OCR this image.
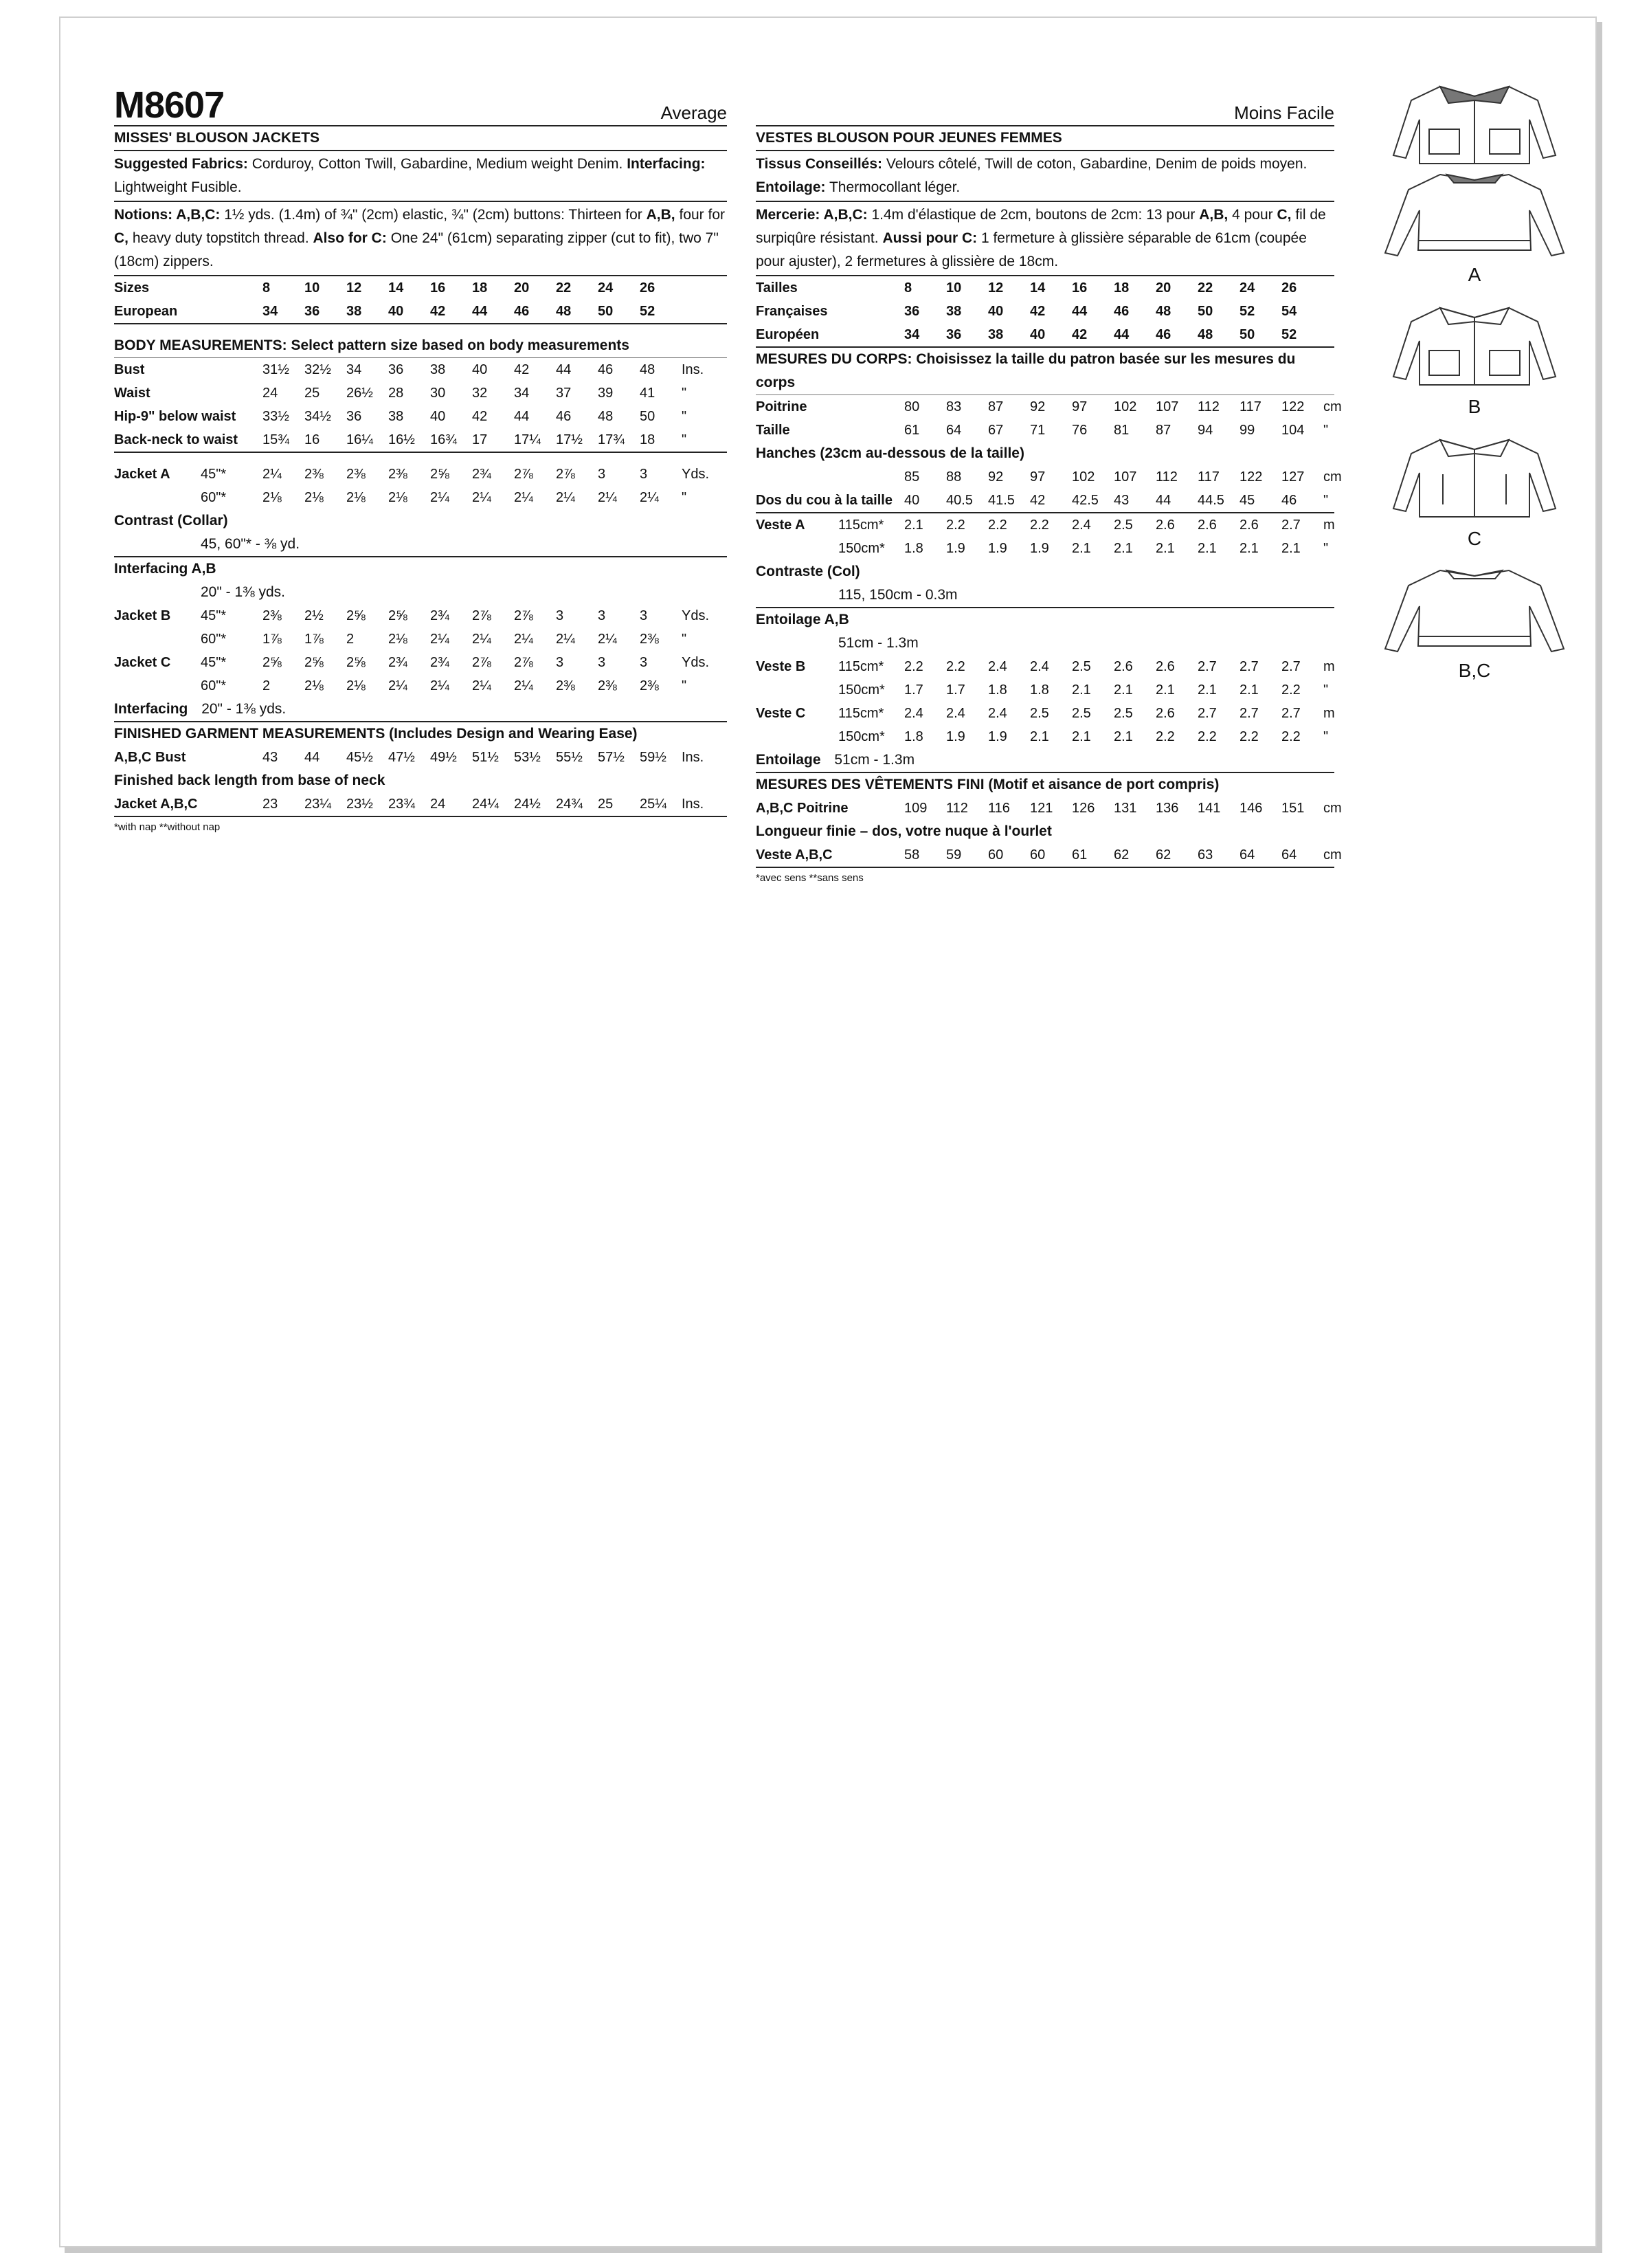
M8607	Average
MISSES' BLOUSON JACKETS
Suggested Fabrics: Corduroy, Cotton Twill, Gabardine, Medium weight Denim. Interfacing: Lightweight Fusible.
Notions: A,B,C: 1½ yds. (1.4m) of ¾" (2cm) elastic, ¾" (2cm) buttons: Thirteen for A,B, four for C, heavy duty topstitch thread. Also for C: One 24" (61cm) separating zipper (cut to fit), two 7" (18cm) zippers.
Sizes	8	10	12	14	16	18	20	22	24	26	
European	34	36	38	40	42	44	46	48	50	52	
BODY MEASUREMENTS: Select pattern size based on body measurements
Bust	31½	32½	34	36	38	40	42	44	46	48	Ins.
Waist	24	25	26½	28	30	32	34	37	39	41	"
Hip-9" below waist	33½	34½	36	38	40	42	44	46	48	50	"
Back-neck to waist	15¾	16	16¼	16½	16¾	17	17¼	17½	17¾	18	"
Jacket A	45"*	2¼	2⅜	2⅜	2⅜	2⅝	2¾	2⅞	2⅞	3	3	Yds.
	60"*	2⅛	2⅛	2⅛	2⅛	2¼	2¼	2¼	2¼	2¼	2¼	"
Contrast (Collar)
45, 60"* - ⅜ yd.
Interfacing A,B
20" - 1⅜ yds.
Jacket B	45"*	2⅜	2½	2⅝	2⅝	2¾	2⅞	2⅞	3	3	3	Yds.
	60"*	1⅞	1⅞	2	2⅛	2¼	2¼	2¼	2¼	2¼	2⅜	"
Jacket C	45"*	2⅝	2⅝	2⅝	2¾	2¾	2⅞	2⅞	3	3	3	Yds.
	60"*	2	2⅛	2⅛	2¼	2¼	2¼	2¼	2⅜	2⅜	2⅜	"
Interfacing 20" - 1⅜ yds.
FINISHED GARMENT MEASUREMENTS (Includes Design and Wearing Ease)
A,B,C Bust	43	44	45½	47½	49½	51½	53½	55½	57½	59½	Ins.
Finished back length from base of neck
Jacket A,B,C	23	23¼	23½	23¾	24	24¼	24½	24¾	25	25¼	Ins.
*with nap **without nap
Moins Facile
VESTES BLOUSON POUR JEUNES FEMMES
Tissus Conseillés: Velours côtelé, Twill de coton, Gabardine, Denim de poids moyen. Entoilage: Thermocollant léger.
Mercerie: A,B,C: 1.4m d'élastique de 2cm, boutons de 2cm: 13 pour A,B, 4 pour C, fil de surpiqûre résistant. Aussi pour C: 1 fermeture à glissière séparable de 61cm (coupée pour ajuster), 2 fermetures à glissière de 18cm.
Tailles	8	10	12	14	16	18	20	22	24	26	
Françaises	36	38	40	42	44	46	48	50	52	54	
Européen	34	36	38	40	42	44	46	48	50	52	
MESURES DU CORPS: Choisissez la taille du patron basée sur les mesures du corps
Poitrine	80	83	87	92	97	102	107	112	117	122	cm
Taille	61	64	67	71	76	81	87	94	99	104	"
Hanches (23cm au-dessous de la taille)
	85	88	92	97	102	107	112	117	122	127	cm
Dos du cou à la taille	40	40.5	41.5	42	42.5	43	44	44.5	45	46	"
Veste A	115cm*	2.1	2.2	2.2	2.2	2.4	2.5	2.6	2.6	2.6	2.7	m
	150cm*	1.8	1.9	1.9	1.9	2.1	2.1	2.1	2.1	2.1	2.1	"
Contraste (Col)
115, 150cm - 0.3m
Entoilage A,B
51cm - 1.3m
Veste B	115cm*	2.2	2.2	2.4	2.4	2.5	2.6	2.6	2.7	2.7	2.7	m
	150cm*	1.7	1.7	1.8	1.8	2.1	2.1	2.1	2.1	2.1	2.2	"
Veste C	115cm*	2.4	2.4	2.4	2.5	2.5	2.5	2.6	2.7	2.7	2.7	m
	150cm*	1.8	1.9	1.9	2.1	2.1	2.1	2.2	2.2	2.2	2.2	"
Entoilage 51cm - 1.3m
MESURES DES VÊTEMENTS FINI (Motif et aisance de port compris)
A,B,C Poitrine	109	112	116	121	126	131	136	141	146	151	cm
Longueur finie – dos, votre nuque à l'ourlet
Veste A,B,C	58	59	60	60	61	62	62	63	64	64	cm
*avec sens **sans sens
A
B
C
B,C
